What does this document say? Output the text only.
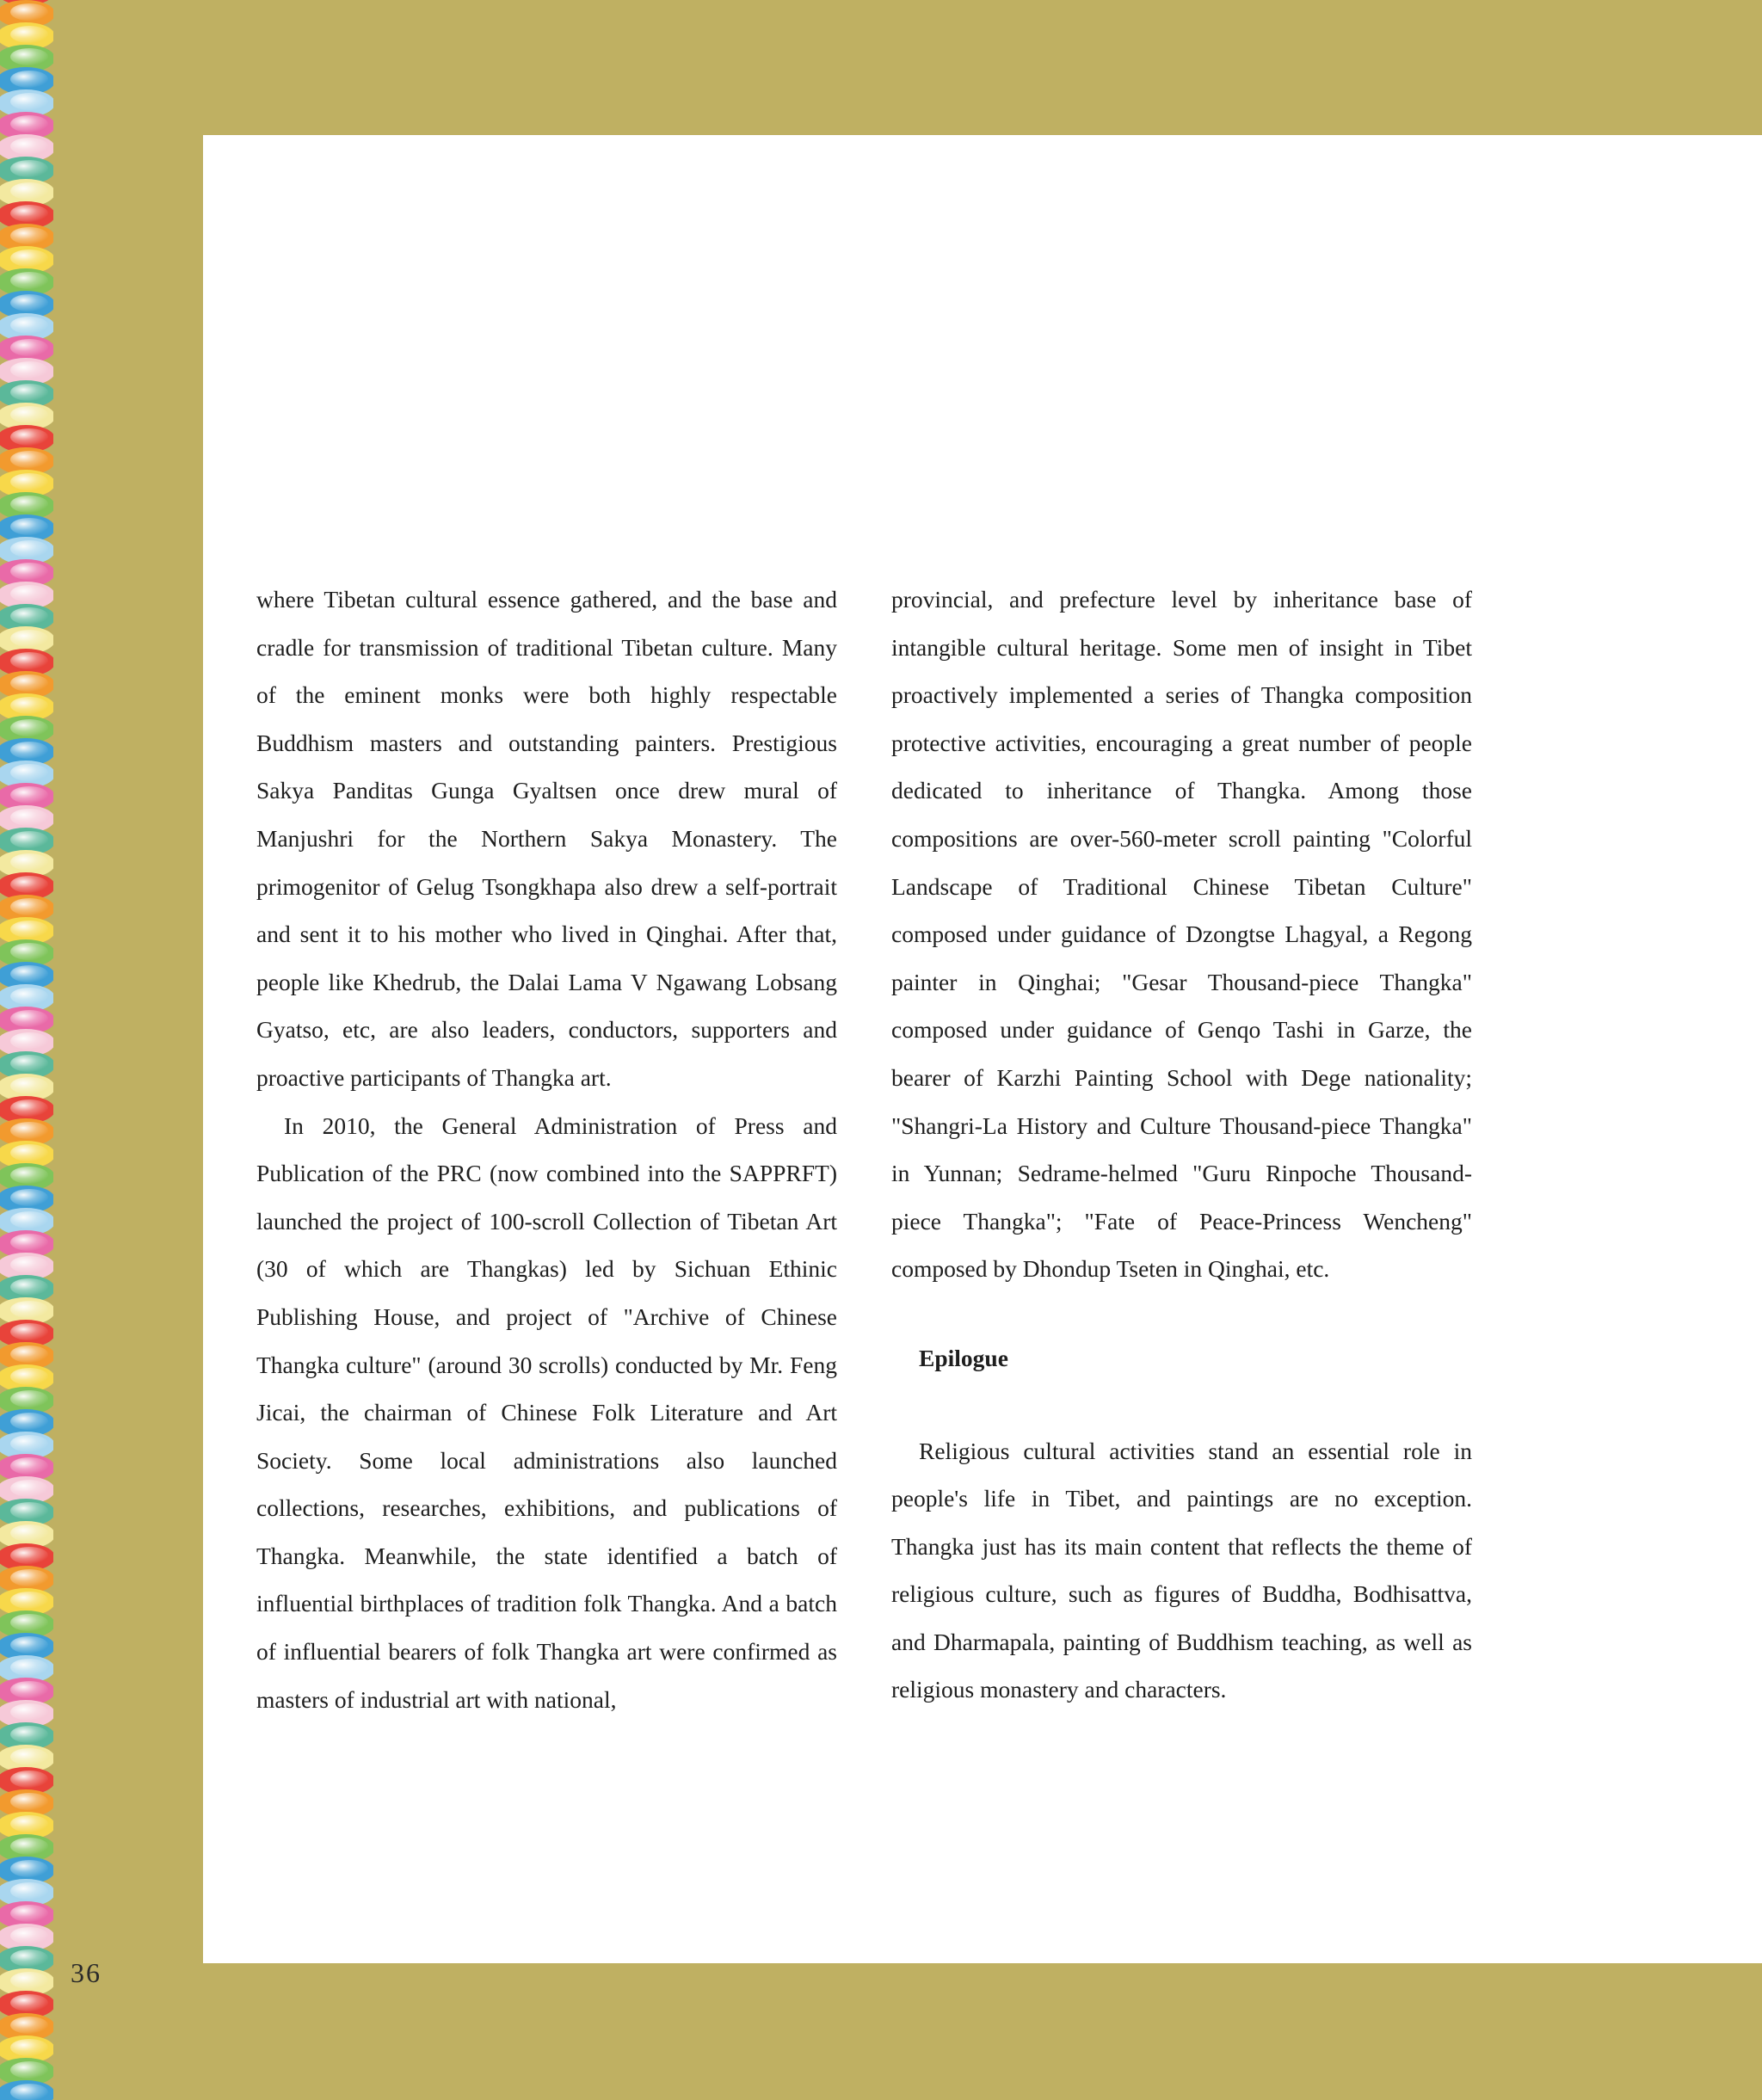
where Tibetan cultural essence gathered, and the base and cradle for transmission of traditional Tibetan culture. Many of the eminent monks were both highly respectable Buddhism masters and outstanding painters. Prestigious Sakya Panditas Gunga Gyaltsen once drew mural of Manjushri for the Northern Sakya Monastery. The primogenitor of Gelug Tsongkhapa also drew a self-portrait and sent it to his mother who lived in Qinghai. After that, people like Khedrub, the Dalai Lama V Ngawang Lobsang Gyatso, etc, are also leaders, conductors, supporters and proactive participants of Thangka art.

In 2010, the General Administration of Press and Publication of the PRC (now combined into the SAPPRFT) launched the project of 100-scroll Collection of Tibetan Art (30 of which are Thangkas) led by Sichuan Ethinic Publishing House, and project of "Archive of Chinese Thangka culture" (around 30 scrolls) conducted by Mr. Feng Jicai, the chairman of Chinese Folk Literature and Art Society. Some local administrations also launched collections, researches, exhibitions, and publications of Thangka. Meanwhile, the state identified a batch of influential birthplaces of tradition folk Thangka. And a batch of influential bearers of folk Thangka art were confirmed as masters of industrial art with national,

provincial, and prefecture level by inheritance base of intangible cultural heritage. Some men of insight in Tibet proactively implemented a series of Thangka composition protective activities, encouraging a great number of people dedicated to inheritance of Thangka. Among those compositions are over-560-meter scroll painting "Colorful Landscape of Traditional Chinese Tibetan Culture" composed under guidance of Dzongtse Lhagyal, a Regong painter in Qinghai; "Gesar Thousand-piece Thangka" composed under guidance of Genqo Tashi in Garze, the bearer of Karzhi Painting School with Dege nationality; "Shangri-La History and Culture Thousand-piece Thangka" in Yunnan; Sedrame-helmed "Guru Rinpoche Thousand-piece Thangka"; "Fate of Peace-Princess Wencheng" composed by Dhondup Tseten in Qinghai, etc.

Epilogue

Religious cultural activities stand an essential role in people's life in Tibet, and paintings are no exception. Thangka just has its main content that reflects the theme of religious culture, such as figures of Buddha, Bodhisattva, and Dharmapala, painting of Buddhism teaching, as well as religious monastery and characters.

36
